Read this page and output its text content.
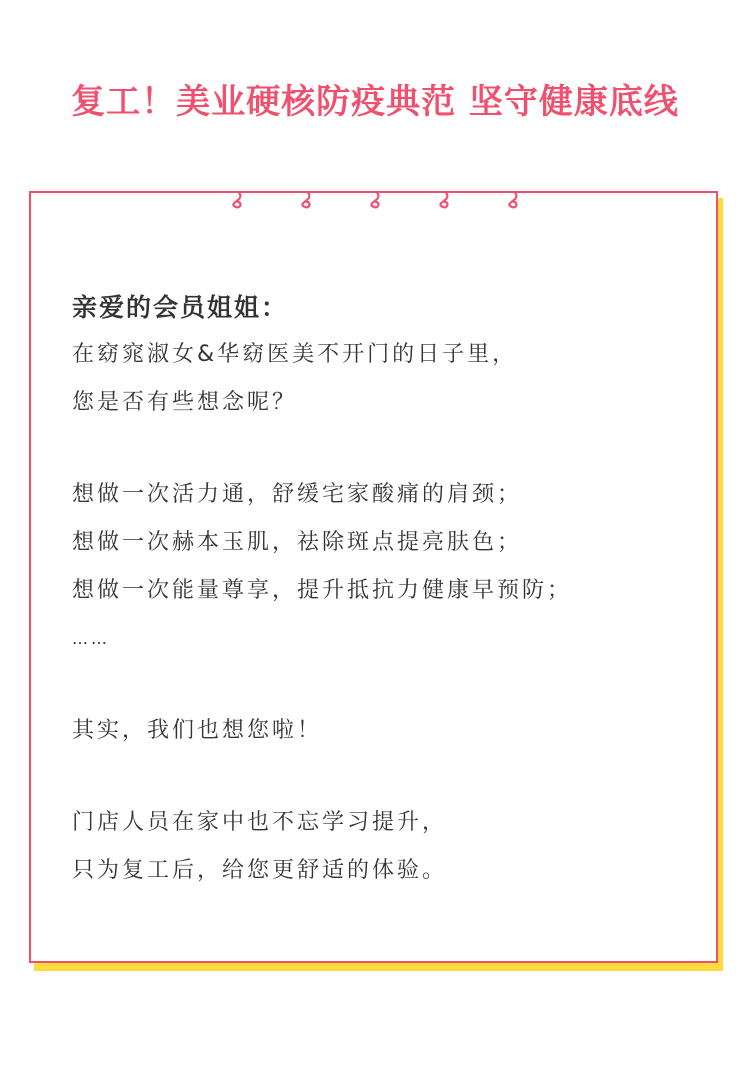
复工！美业硬核防疫典范 坚守健康底线
亲爱的会员姐姐：
在窈窕淑女&华窈医美不开门的日子里，
您是否有些想念呢？
想做一次活力通，舒缓宅家酸痛的肩颈；
想做一次赫本玉肌，祛除斑点提亮肤色；
想做一次能量尊享，提升抵抗力健康早预防；
……
其实，我们也想您啦！
门店人员在家中也不忘学习提升，
只为复工后，给您更舒适的体验。
